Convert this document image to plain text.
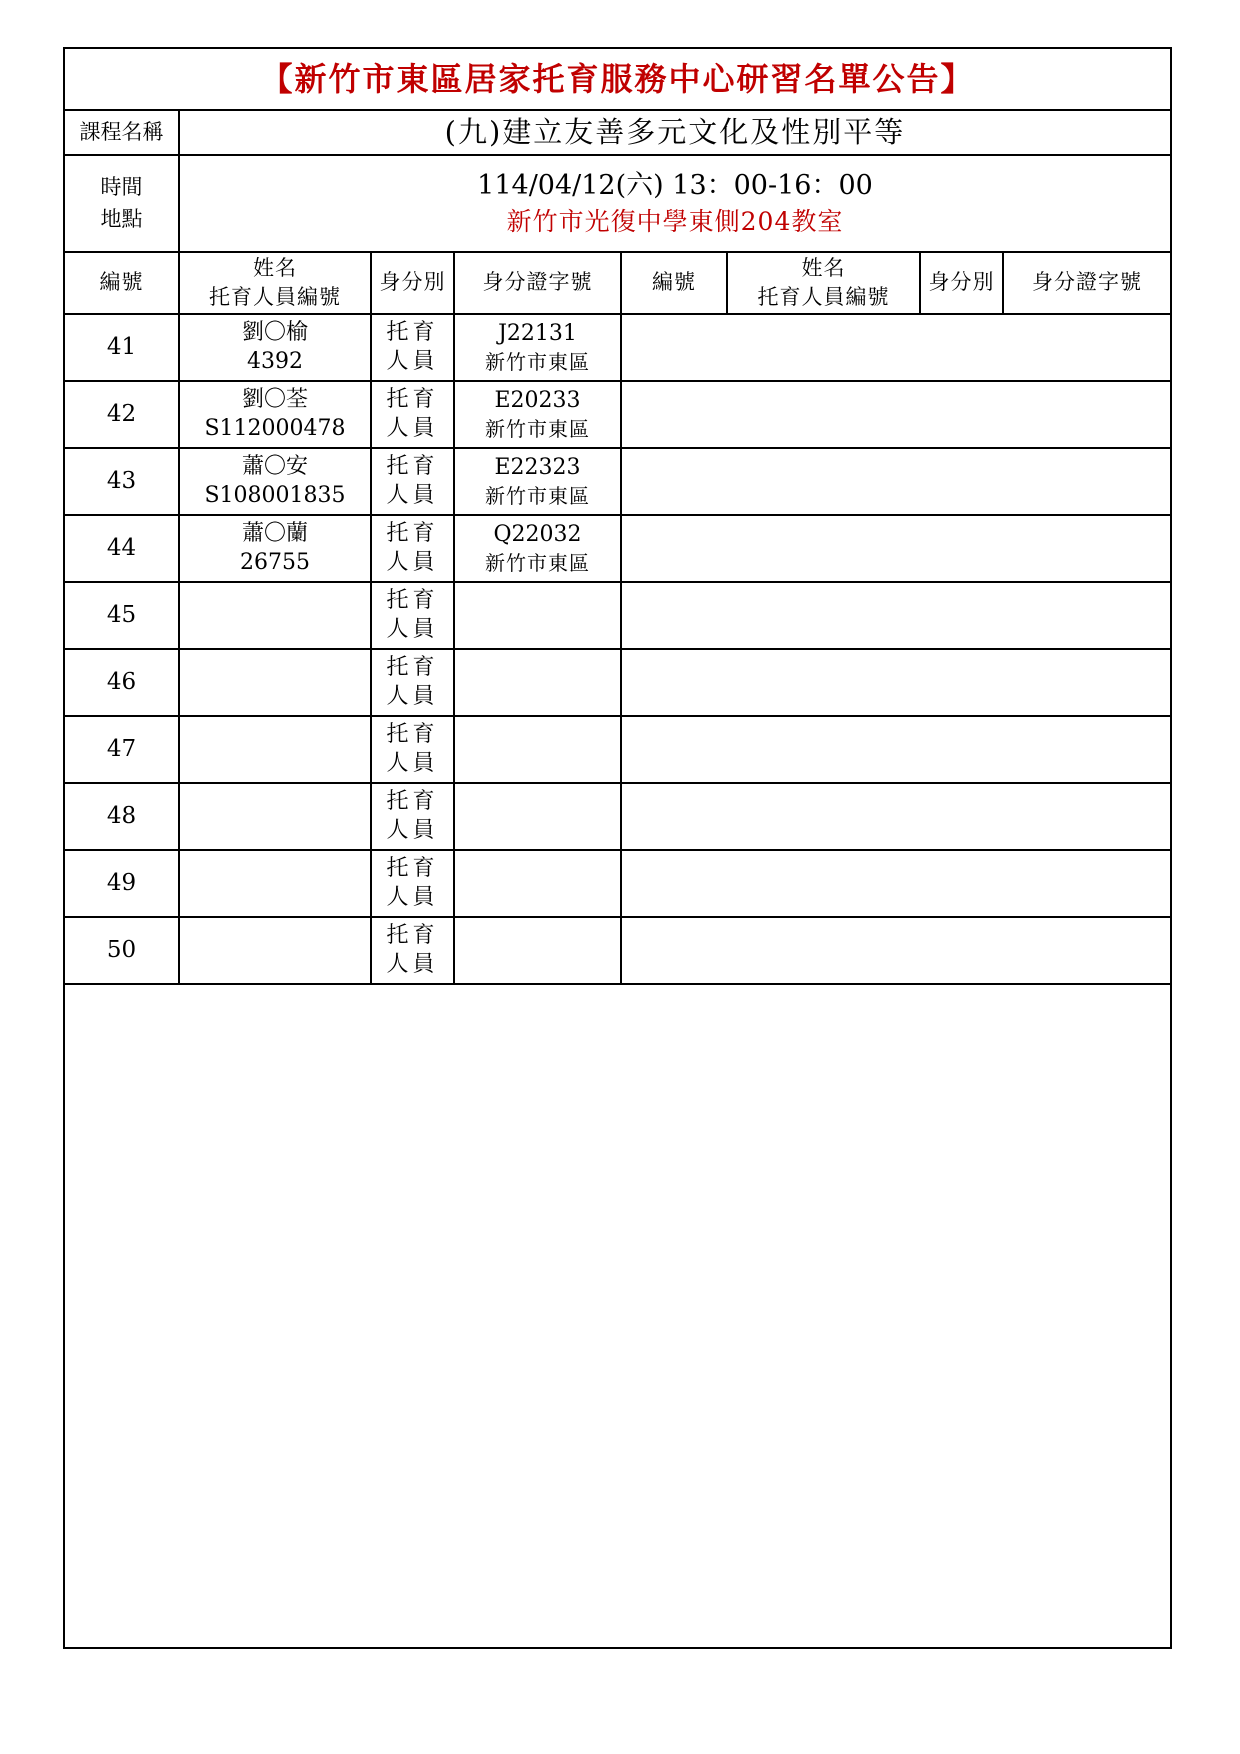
【新竹市東區居家托育服務中心研習名單公告】
課程名稱	(九)建立友善多元文化及性別平等
時間
地點
114/04/12(六) 13：00-16：00
新竹市光復中學東側204教室
編號
姓名
托育人員編號
身分別 身分證字號	編號
姓名
托育人員編號
身分別 身分證字號
41
劉〇榆
4392
托育
人員
J22131
新竹市東區
42
劉〇荃
S112000478
托育
人員
E20233
新竹市東區
43
蕭〇安
S108001835
托育
人員
E22323
新竹市東區
44
蕭〇蘭
26755
托育
人員
Q22032
新竹市東區
45
托育
人員
46
托育
人員
47
托育
人員
48
托育
人員
49
托育
人員
50
托育
人員
